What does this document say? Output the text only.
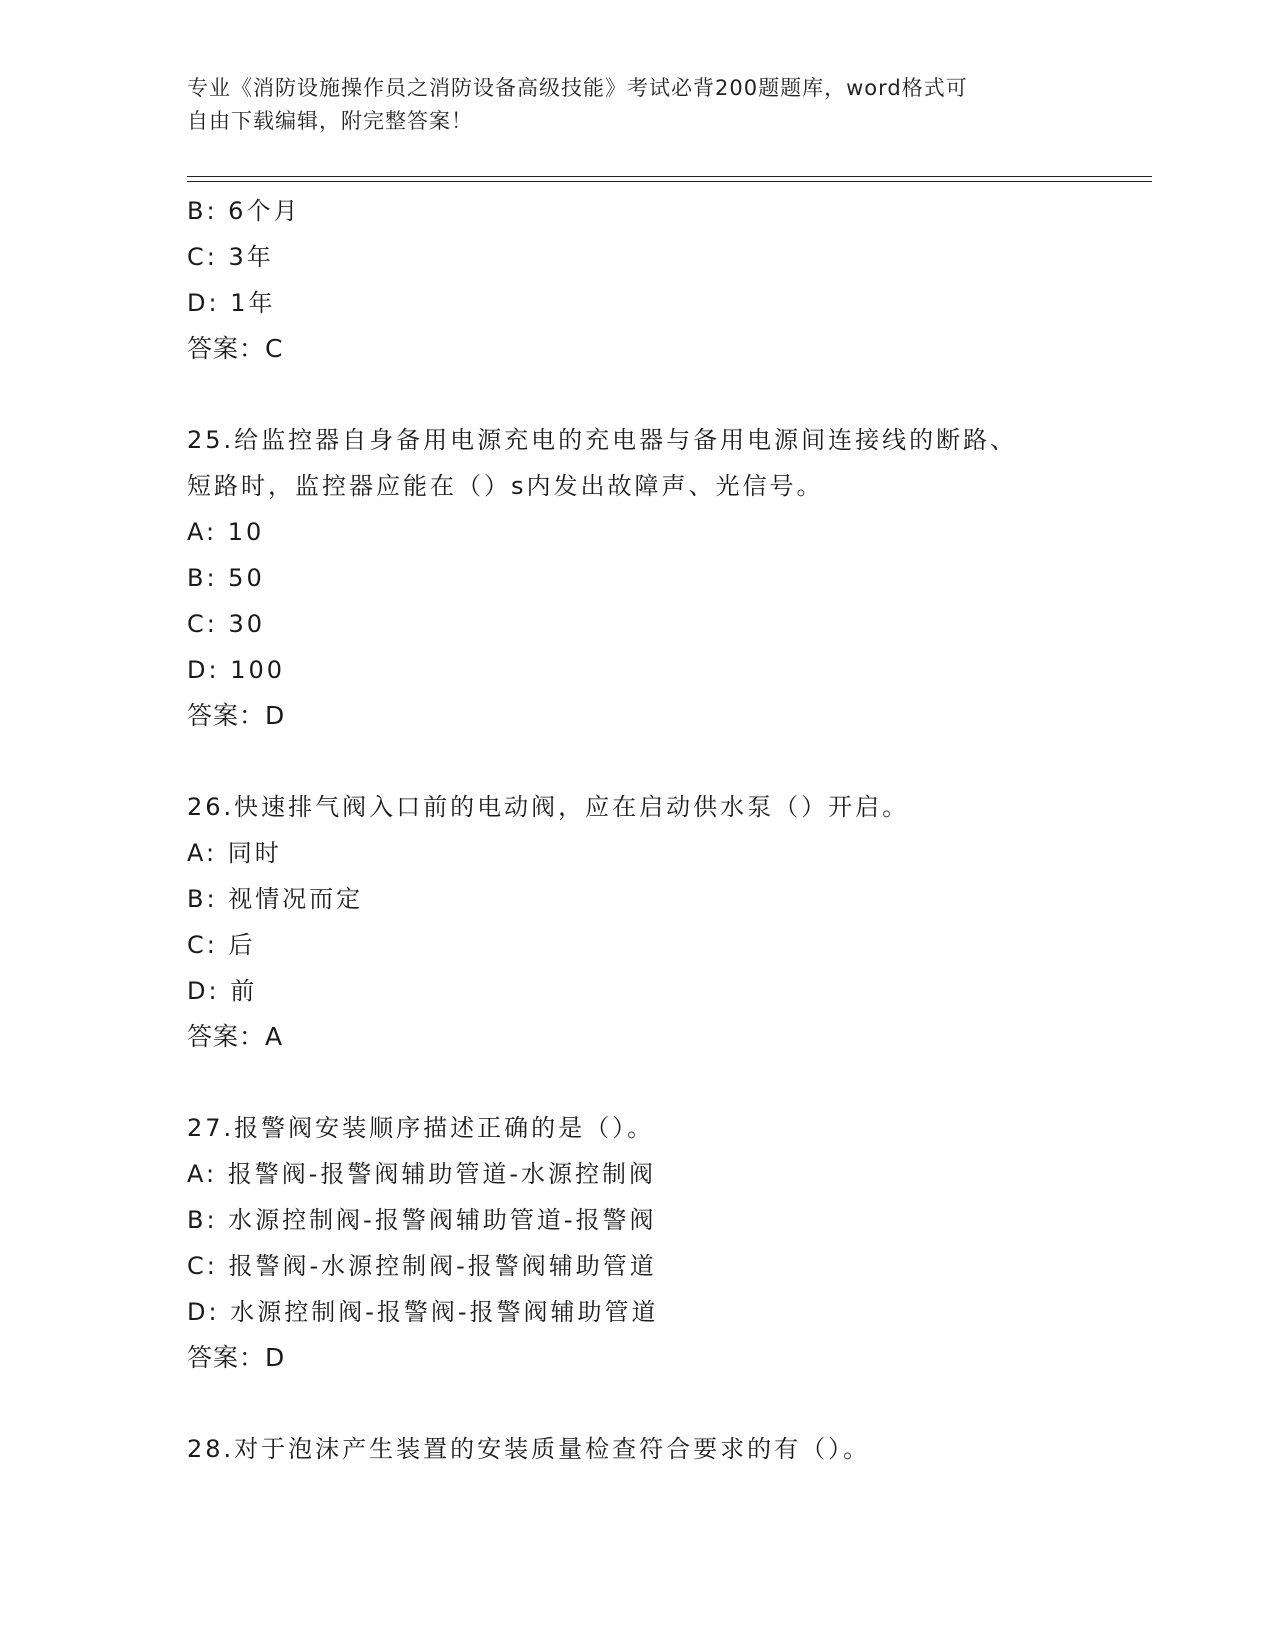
专业《消防设施操作员之消防设备高级技能》考试必背200题题库，word格式可
自由下载编辑，附完整答案！
B: 6个月
C: 3年
D: 1年
答案：C
25.给监控器自身备用电源充电的充电器与备用电源间连接线的断路、
短路时，监控器应能在（）s内发出故障声、光信号。
A: 10
B: 50
C: 30
D: 100
答案：D
26.快速排气阀入口前的电动阀，应在启动供水泵（）开启。
A: 同时
B: 视情况而定
C: 后
D: 前
答案：A
27.报警阀安装顺序描述正确的是（）。
A: 报警阀-报警阀辅助管道-水源控制阀
B: 水源控制阀-报警阀辅助管道-报警阀
C: 报警阀-水源控制阀-报警阀辅助管道
D: 水源控制阀-报警阀-报警阀辅助管道
答案：D
28.对于泡沫产生装置的安装质量检查符合要求的有（）。
